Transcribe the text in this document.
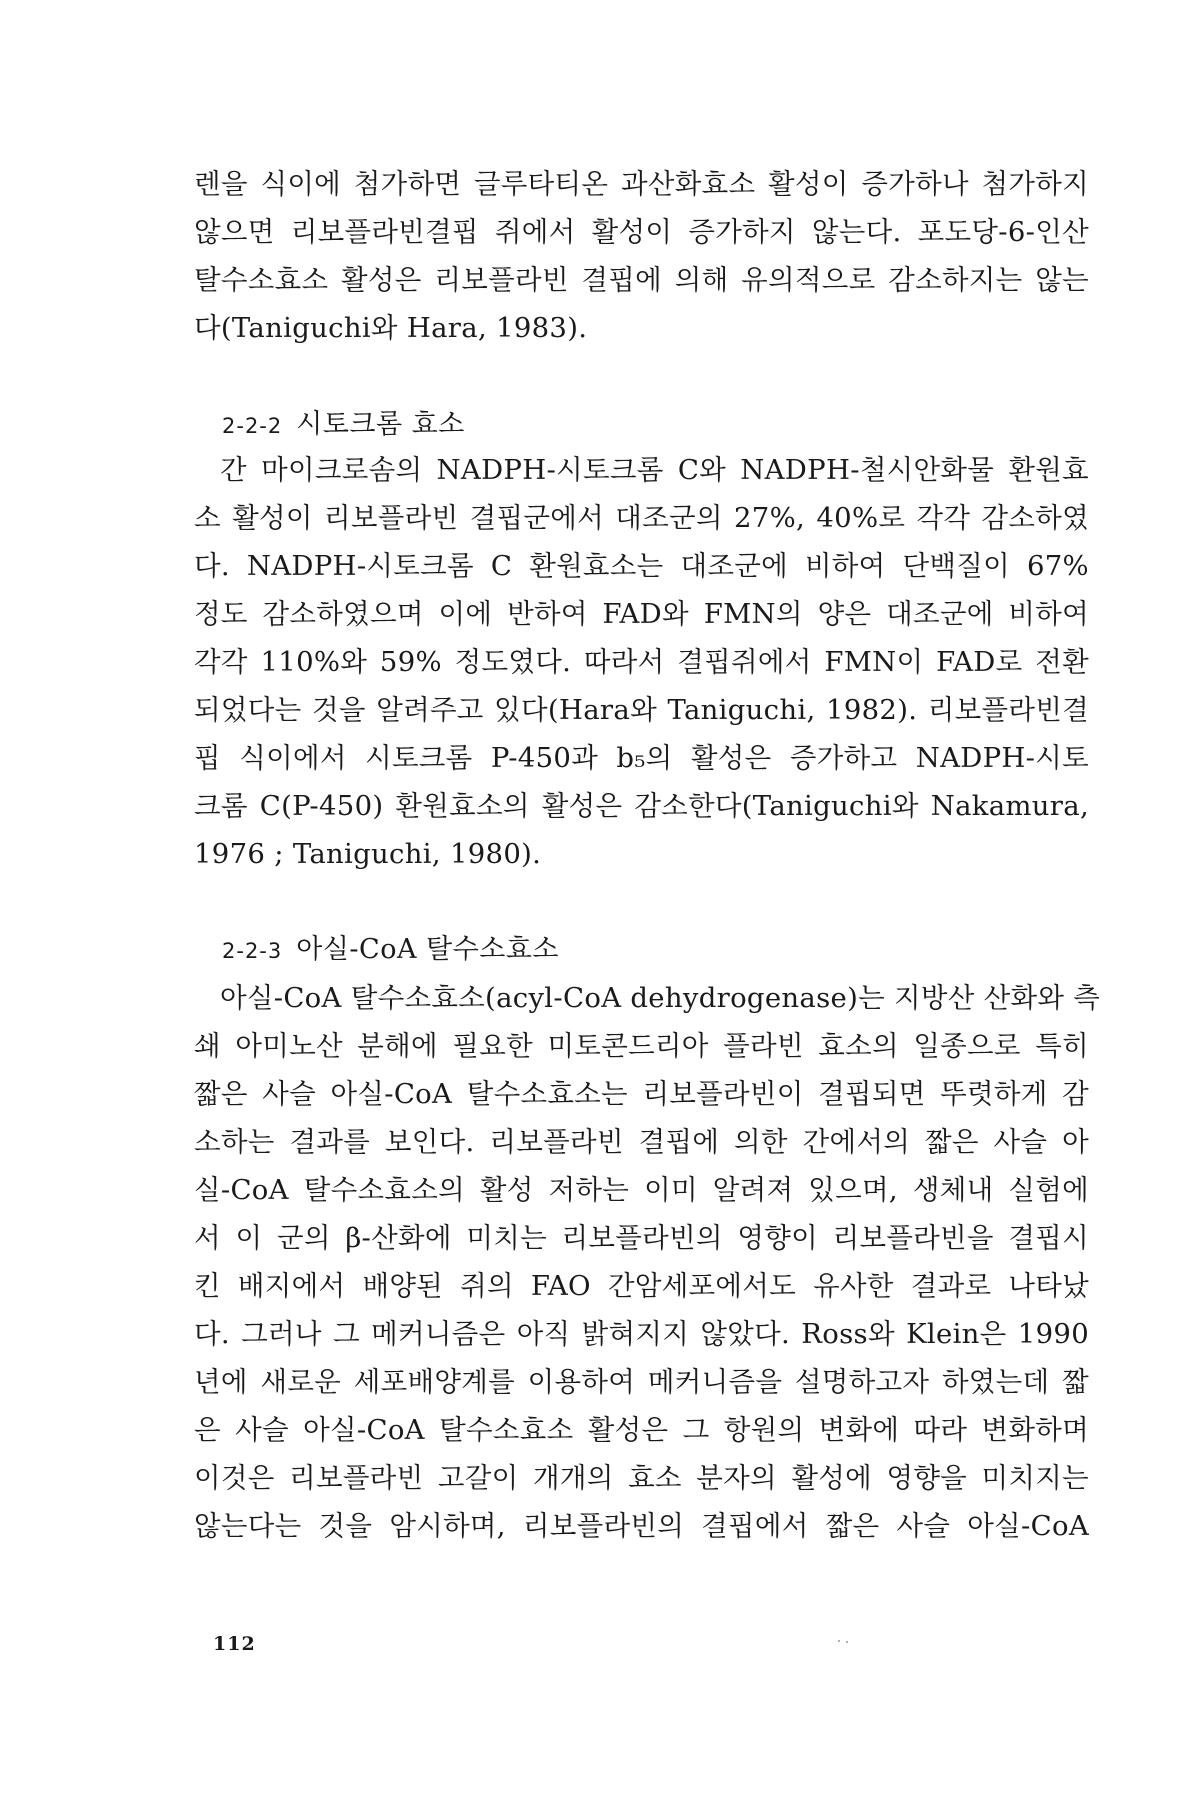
렌을 식이에 첨가하면 글루타티온 과산화효소 활성이 증가하나 첨가하지
않으면 리보플라빈결핍 쥐에서 활성이 증가하지 않는다. 포도당-6-인산
탈수소효소 활성은 리보플라빈 결핍에 의해 유의적으로 감소하지는 않는
다(Taniguchi와 Hara, 1983).
2-2-2 시토크롬 효소
간 마이크로솜의 NADPH-시토크롬 C와 NADPH-철시안화물 환원효
소 활성이 리보플라빈 결핍군에서 대조군의 27%, 40%로 각각 감소하였
다. NADPH-시토크롬 C 환원효소는 대조군에 비하여 단백질이 67%
정도 감소하였으며 이에 반하여 FAD와 FMN의 양은 대조군에 비하여
각각 110%와 59% 정도였다. 따라서 결핍쥐에서 FMN이 FAD로 전환
되었다는 것을 알려주고 있다(Hara와 Taniguchi, 1982). 리보플라빈결
핍 식이에서 시토크롬 P-450과 b₅의 활성은 증가하고 NADPH-시토
크롬 C(P-450) 환원효소의 활성은 감소한다(Taniguchi와 Nakamura,
1976 ; Taniguchi, 1980).
2-2-3 아실-CoA 탈수소효소
아실-CoA 탈수소효소(acyl-CoA dehydrogenase)는 지방산 산화와 측
쇄 아미노산 분해에 필요한 미토콘드리아 플라빈 효소의 일종으로 특히
짧은 사슬 아실-CoA 탈수소효소는 리보플라빈이 결핍되면 뚜렷하게 감
소하는 결과를 보인다. 리보플라빈 결핍에 의한 간에서의 짧은 사슬 아
실-CoA 탈수소효소의 활성 저하는 이미 알려져 있으며, 생체내 실험에
서 이 군의 β-산화에 미치는 리보플라빈의 영향이 리보플라빈을 결핍시
킨 배지에서 배양된 쥐의 FAO 간암세포에서도 유사한 결과로 나타났
다. 그러나 그 메커니즘은 아직 밝혀지지 않았다. Ross와 Klein은 1990
년에 새로운 세포배양계를 이용하여 메커니즘을 설명하고자 하였는데 짧
은 사슬 아실-CoA 탈수소효소 활성은 그 항원의 변화에 따라 변화하며
이것은 리보플라빈 고갈이 개개의 효소 분자의 활성에 영향을 미치지는
않는다는 것을 암시하며, 리보플라빈의 결핍에서 짧은 사슬 아실-CoA
112
